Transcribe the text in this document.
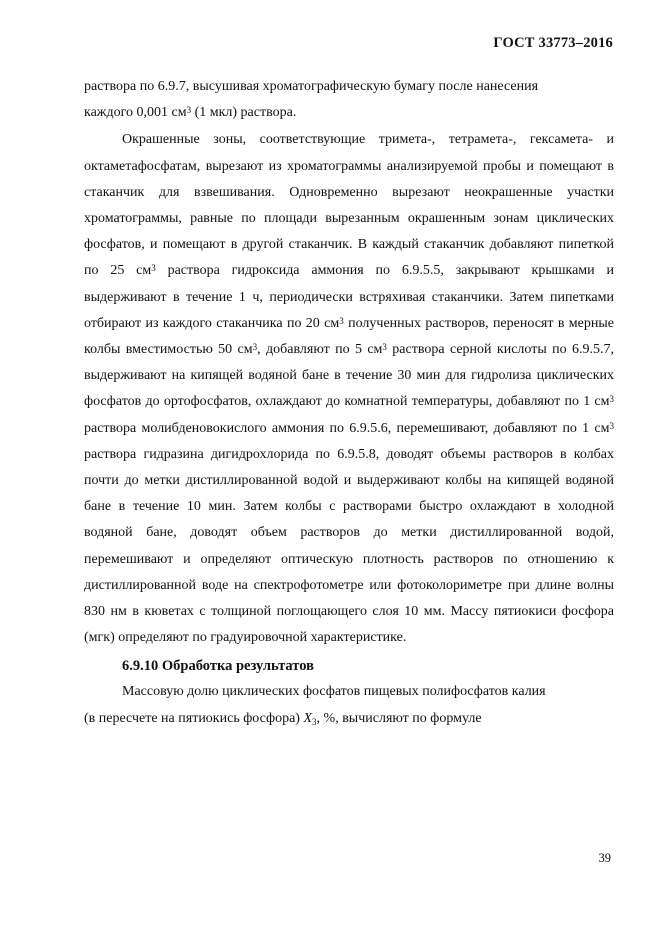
ГОСТ 33773–2016

раствора по 6.9.7, высушивая хроматографическую бумагу после нанесения
каждого 0,001 $см^3$ (1 мкл) раствора.

Окрашенные зоны, соответствующие тримета-, тетрамета-, гексамета- и октаметафосфатам, вырезают из хроматограммы анализируемой пробы и помещают в стаканчик для взвешивания. Одновременно вырезают неокрашенные участки хроматограммы, равные по площади вырезанным окрашенным зонам циклических фосфатов, и помещают в другой стаканчик. В каждый стаканчик добавляют пипеткой по 25 $см^3$ раствора гидроксида аммония по 6.9.5.5, закрывают крышками и выдерживают в течение 1 ч, периодически встряхивая стаканчики. Затем пипетками отбирают из каждого стаканчика по 20 $см^3$ полученных растворов, переносят в мерные колбы вместимостью 50 $см^3$, добавляют по 5 $см^3$ раствора серной кислоты по 6.9.5.7, выдерживают на кипящей водяной бане в течение 30 мин для гидролиза циклических фосфатов до ортофосфатов, охлаждают до комнатной температуры, добавляют по 1 $см^3$ раствора молибденовокислого аммония по 6.9.5.6, перемешивают, добавляют по 1 $см^3$ раствора гидразина дигидрохлорида по 6.9.5.8, доводят объемы растворов в колбах почти до метки дистиллированной водой и выдерживают колбы на кипящей водяной бане в течение 10 мин. Затем колбы с растворами быстро охлаждают в холодной водяной бане, доводят объем растворов до метки дистиллированной водой, перемешивают и определяют оптическую плотность растворов по отношению к дистиллированной воде на спектрофотометре или фотоколориметре при длине волны 830 нм в кюветах с толщиной поглощающего слоя 10 мм. Массу пятиокиси фосфора (мгк) определяют по градуировочной характеристике.

6.9.10 Обработка результатов

Массовую долю циклических фосфатов пищевых полифосфатов калия
(в пересчете на пятиокись фосфора) $X_3$, %, вычисляют по формуле

39
